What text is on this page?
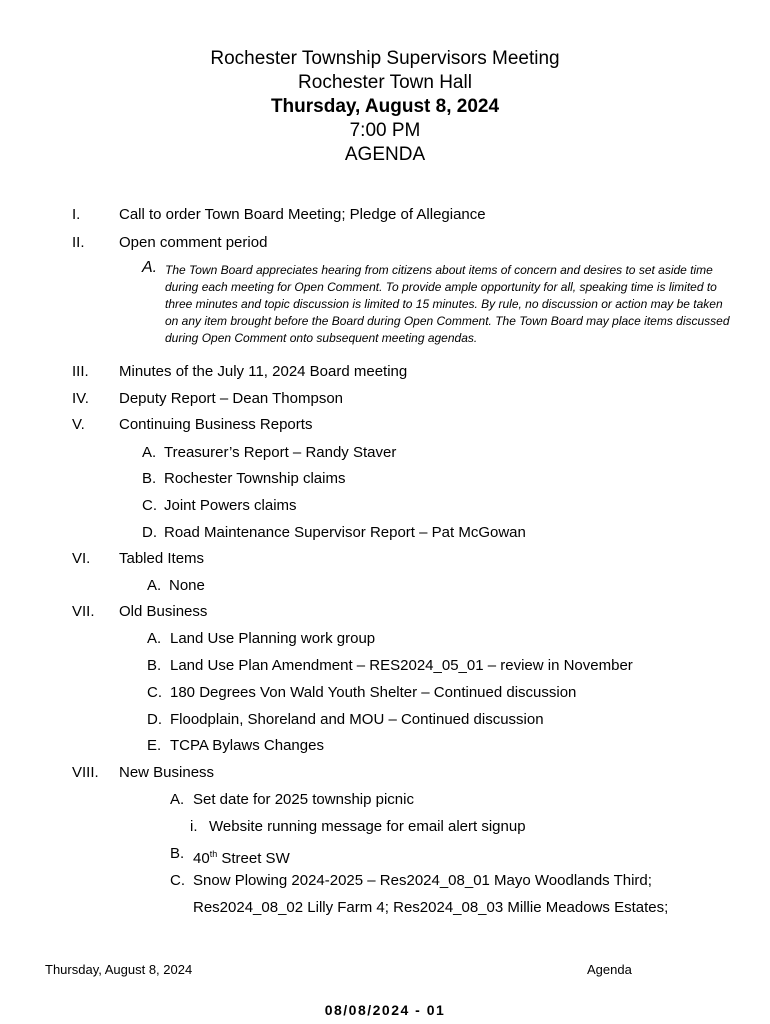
Rochester Township Supervisors Meeting
Rochester Town Hall
Thursday, August 8, 2024
7:00 PM
AGENDA
I.	Call to order Town Board Meeting; Pledge of Allegiance
II. Open comment period
A. The Town Board appreciates hearing from citizens about items of concern and desires to set aside time during each meeting for Open Comment. To provide ample opportunity for all, speaking time is limited to three minutes and topic discussion is limited to 15 minutes. By rule, no discussion or action may be taken on any item brought before the Board during Open Comment. The Town Board may place items discussed during Open Comment onto subsequent meeting agendas.
III. Minutes of the July 11, 2024 Board meeting
IV. Deputy Report – Dean Thompson
V. Continuing Business Reports
A. Treasurer’s Report – Randy Staver
B. Rochester Township claims
C. Joint Powers claims
D. Road Maintenance Supervisor Report – Pat McGowan
VI. Tabled Items
A. None
VII. Old Business
A. Land Use Planning work group
B. Land Use Plan Amendment – RES2024_05_01 – review in November
C. 180 Degrees Von Wald Youth Shelter – Continued discussion
D. Floodplain, Shoreland and MOU – Continued discussion
E. TCPA Bylaws Changes
VIII. New Business
A. Set date for 2025 township picnic
i. Website running message for email alert signup
B. 40th Street SW
C. Snow Plowing 2024-2025 – Res2024_08_01 Mayo Woodlands Third;
Res2024_08_02 Lilly Farm 4; Res2024_08_03 Millie Meadows Estates;
Thursday, August 8, 2024	Agenda
08/08/2024 - 01
